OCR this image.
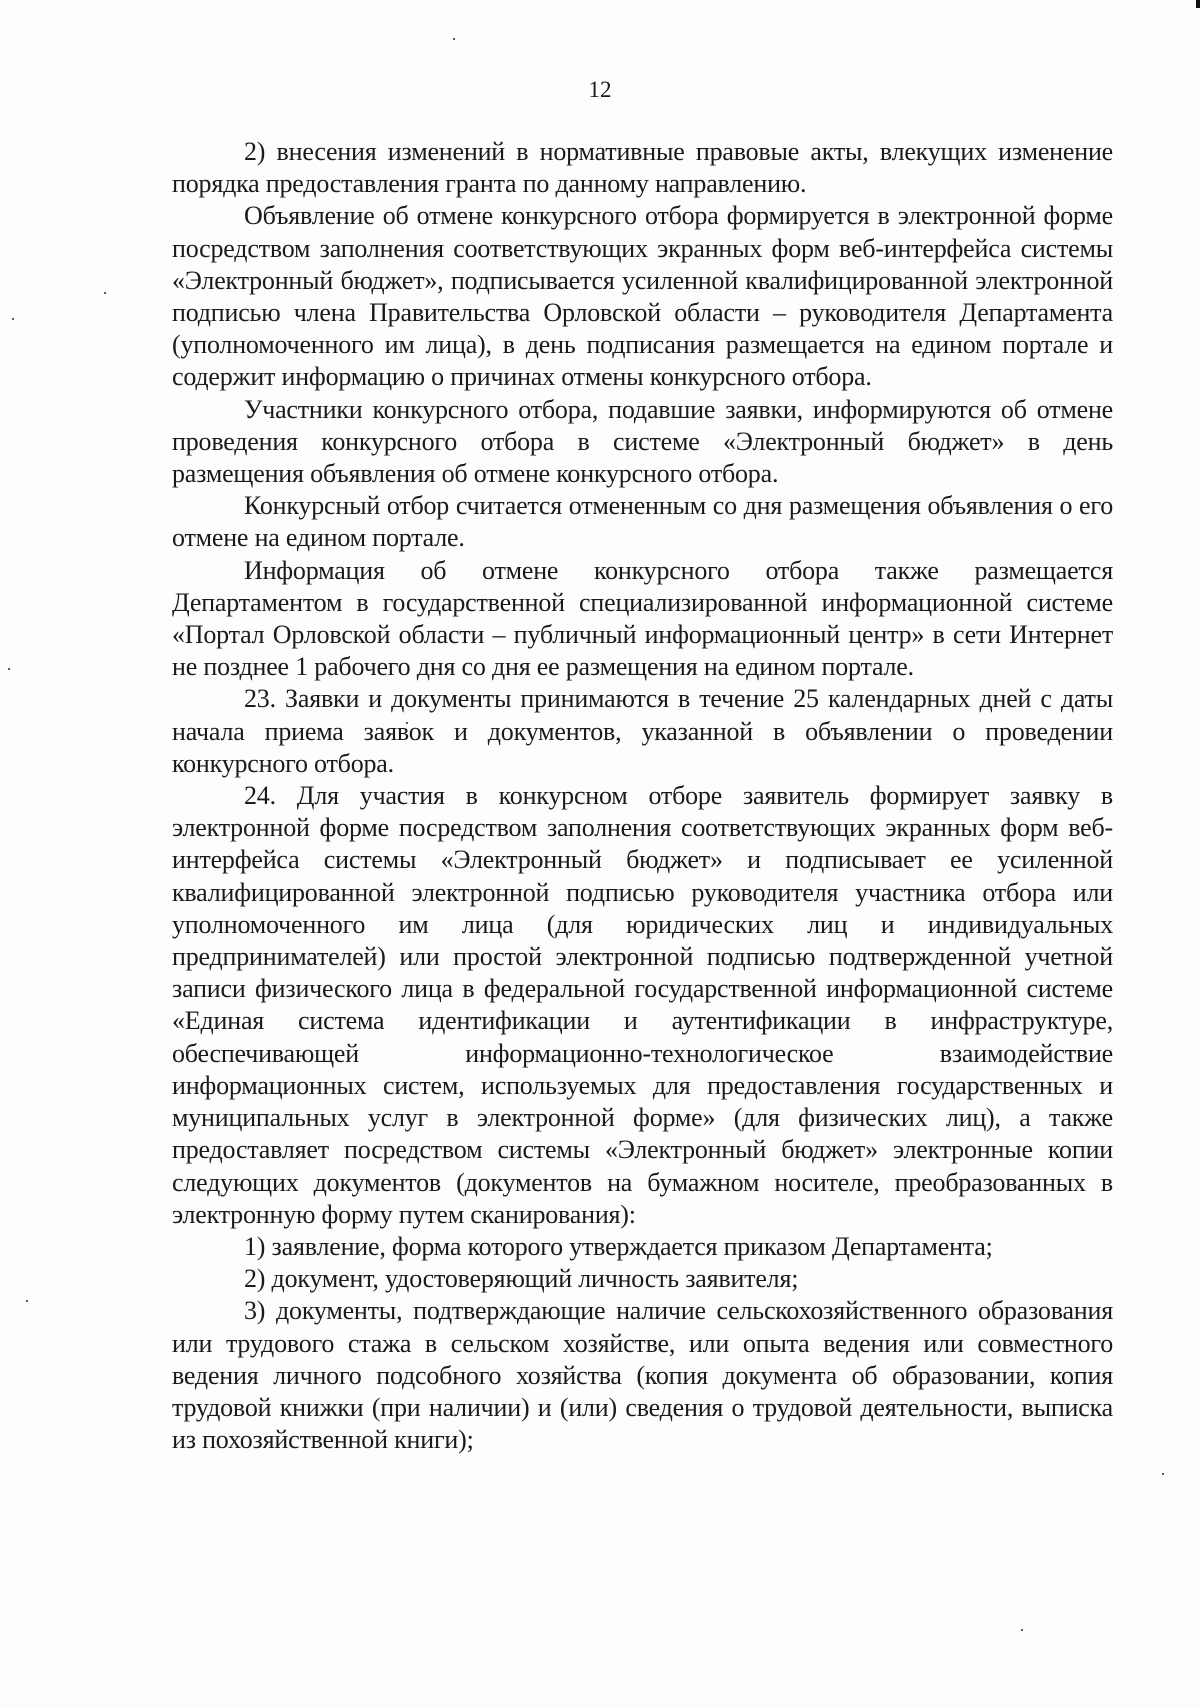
12

2) внесения изменений в нормативные правовые акты, влекущих изменение порядка предоставления гранта по данному направлению.

Объявление об отмене конкурсного отбора формируется в электронной форме посредством заполнения соответствующих экранных форм веб-интерфейса системы «Электронный бюджет», подписывается усиленной квалифицированной электронной подписью члена Правительства Орловской области – руководителя Департамента (уполномоченного им лица), в день подписания размещается на едином портале и содержит информацию о причинах отмены конкурсного отбора.

Участники конкурсного отбора, подавшие заявки, информируются об отмене проведения конкурсного отбора в системе «Электронный бюджет» в день размещения объявления об отмене конкурсного отбора.

Конкурсный отбор считается отмененным со дня размещения объявления о его отмене на едином портале.

Информация об отмене конкурсного отбора также размещается Департаментом в государственной специализированной информационной системе «Портал Орловской области – публичный информационный центр» в сети Интернет не позднее 1 рабочего дня со дня ее размещения на едином портале.

23. Заявки и документы принимаются в течение 25 календарных дней с даты начала приема заявок и документов, указанной в объявлении о проведении конкурсного отбора.

24. Для участия в конкурсном отборе заявитель формирует заявку в электронной форме посредством заполнения соответствующих экранных форм веб-интерфейса системы «Электронный бюджет» и подписывает ее усиленной квалифицированной электронной подписью руководителя участника отбора или уполномоченного им лица (для юридических лиц и индивидуальных предпринимателей) или простой электронной подписью подтвержденной учетной записи физического лица в федеральной государственной информационной системе «Единая система идентификации и аутентификации в инфраструктуре, обеспечивающей информационно-технологическое взаимодействие информационных систем, используемых для предоставления государственных и муниципальных услуг в электронной форме» (для физических лиц), а также предоставляет посредством системы «Электронный бюджет» электронные копии следующих документов (документов на бумажном носителе, преобразованных в электронную форму путем сканирования):

1) заявление, форма которого утверждается приказом Департамента;

2) документ, удостоверяющий личность заявителя;

3) документы, подтверждающие наличие сельскохозяйственного образования или трудового стажа в сельском хозяйстве, или опыта ведения или совместного ведения личного подсобного хозяйства (копия документа об образовании, копия трудовой книжки (при наличии) и (или) сведения о трудовой деятельности, выписка из похозяйственной книги);
